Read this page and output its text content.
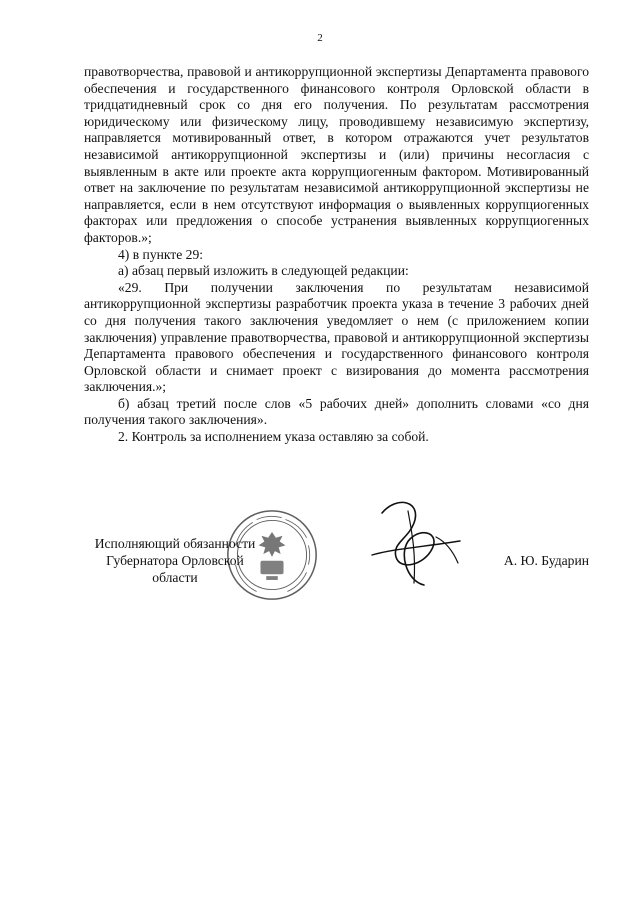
2

правотворчества, правовой и антикоррупционной экспертизы Департамента правового обеспечения и государственного финансового контроля Орловской области в тридцатидневный срок со дня его получения. По результатам рассмотрения юридическому или физическому лицу, проводившему независимую экспертизу, направляется мотивированный ответ, в котором отражаются учет результатов независимой антикоррупционной экспертизы и (или) причины несогласия с выявленным в акте или проекте акта коррупциогенным фактором. Мотивированный ответ на заключение по результатам независимой антикоррупционной экспертизы не направляется, если в нем отсутствуют информация о выявленных коррупциогенных факторах или предложения о способе устранения выявленных коррупциогенных факторов.»;

4) в пункте 29:

а) абзац первый изложить в следующей редакции:

«29. При получении заключения по результатам независимой антикоррупционной экспертизы разработчик проекта указа в течение 3 рабочих дней со дня получения такого заключения уведомляет о нем (с приложением копии заключения) управление правотворчества, правовой и антикоррупционной экспертизы Департамента правового обеспечения и государственного финансового контроля Орловской области и снимает проект с визирования до момента рассмотрения заключения.»;

б) абзац третий после слов «5 рабочих дней» дополнить словами «со дня получения такого заключения».

2. Контроль за исполнением указа оставляю за собой.

Исполняющий обязанности
Губернатора Орловской области
А. Ю. Бударин
